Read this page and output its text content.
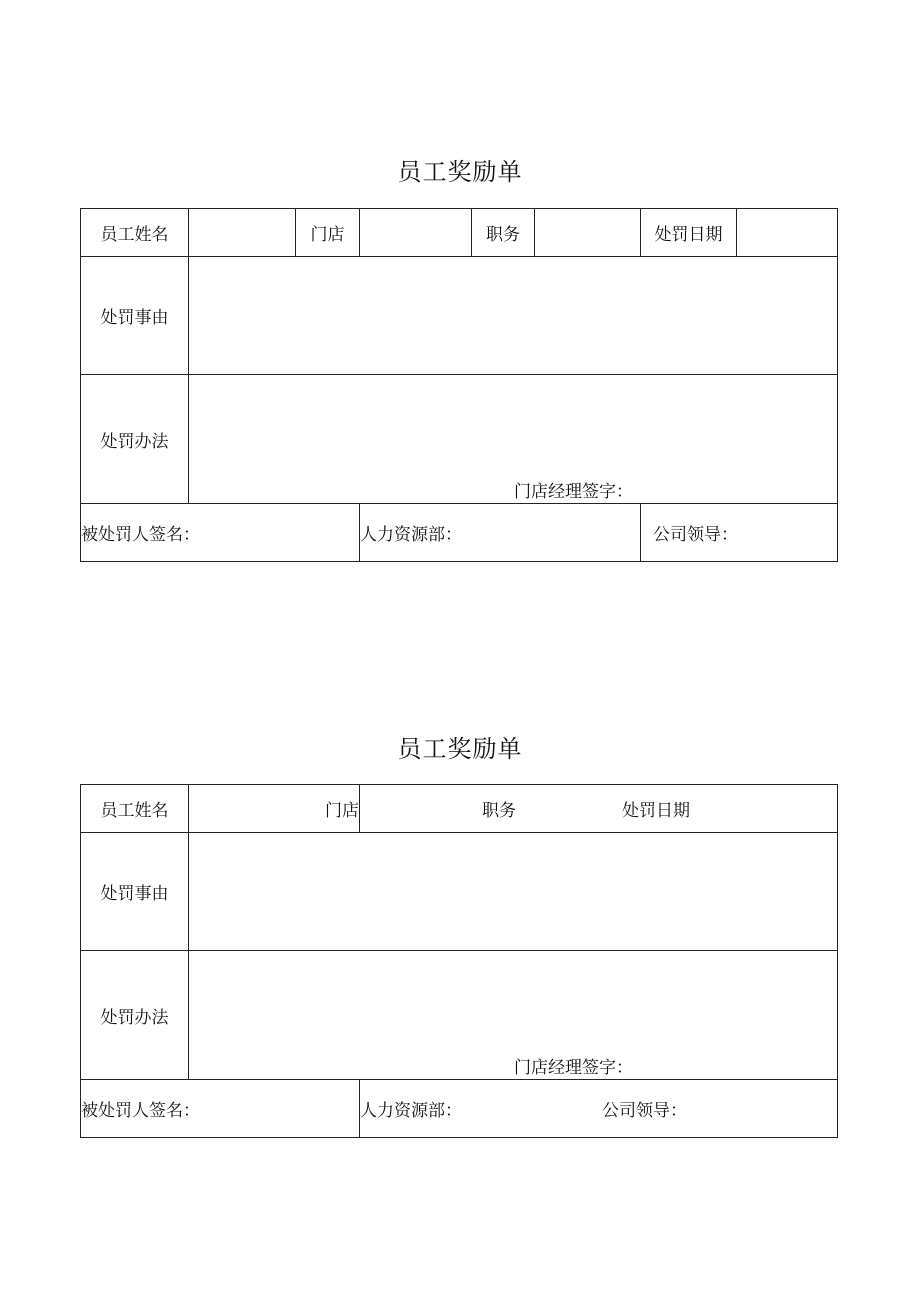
员工奖励单
员工姓名		门店		职务		处罚日期	
处罚事由							
处罚办法	门店经理签字：						

被处罚人签名：			人力资源部：			公司领导：	
员工奖励单
员工姓名	门店	职务 处罚日期

处罚事由		
处罚办法	门店经理签字：	

被处罚人签名：		人力资源部： 公司领导：
